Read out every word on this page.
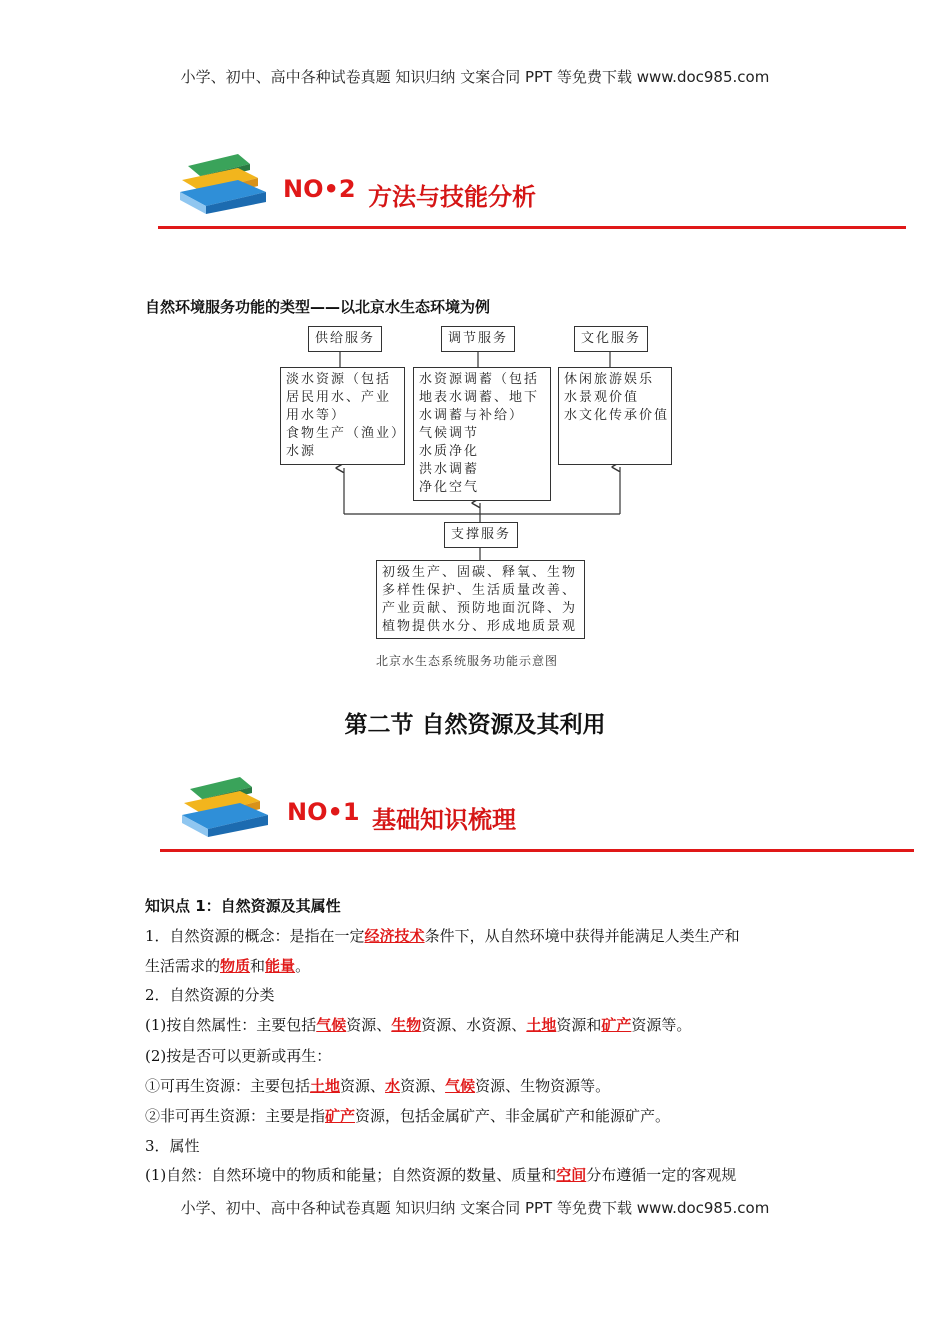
小学、初中、高中各种试卷真题 知识归纳 文案合同 PPT 等免费下载 www.doc985.com
NO•2 方法与技能分析
自然环境服务功能的类型——以北京水生态环境为例
供给服务	调节服务	文化服务
淡水资源（包括
居民用水、产业
用水等）
食物生产（渔业）
水源
水资源调蓄（包括
地表水调蓄、地下
水调蓄与补给）
气候调节
水质净化
洪水调蓄
净化空气
休闲旅游娱乐
水景观价值
水文化传承价值
支撑服务
初级生产、固碳、释氧、生物
多样性保护、生活质量改善、
产业贡献、预防地面沉降、为
植物提供水分、形成地质景观
北京水生态系统服务功能示意图
第二节 自然资源及其利用
NO•1 基础知识梳理
知识点 1：自然资源及其属性
1．自然资源的概念：是指在一定经济技术条件下，从自然环境中获得并能满足人类生产和
生活需求的物质和能量。
2．自然资源的分类
(1)按自然属性：主要包括气候资源、生物资源、水资源、土地资源和矿产资源等。
(2)按是否可以更新或再生：
①可再生资源：主要包括土地资源、水资源、气候资源、生物资源等。
②非可再生资源：主要是指矿产资源，包括金属矿产、非金属矿产和能源矿产。
3．属性
(1)自然：自然环境中的物质和能量；自然资源的数量、质量和空间分布遵循一定的客观规
小学、初中、高中各种试卷真题 知识归纳 文案合同 PPT 等免费下载 www.doc985.com
